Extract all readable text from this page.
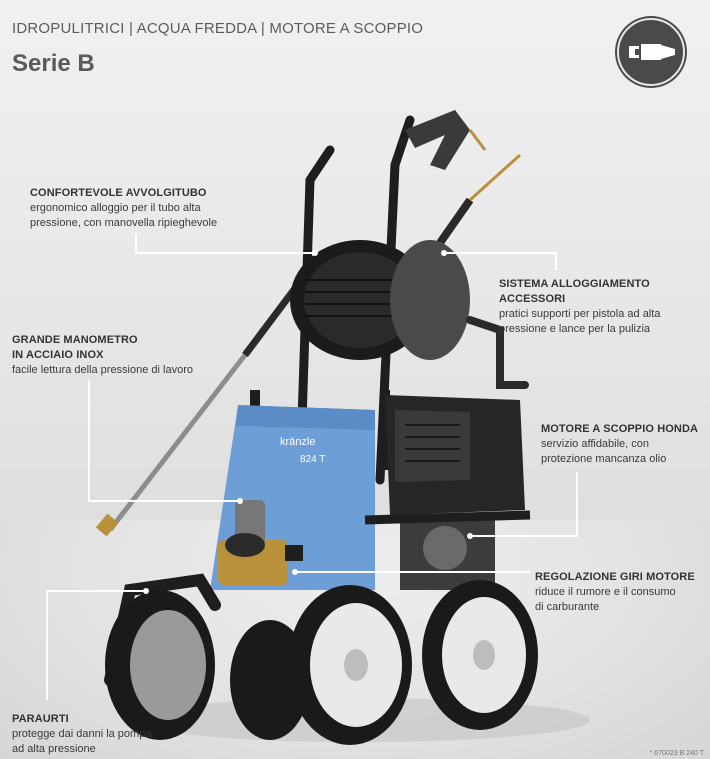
IDROPULITRICI | ACQUA FREDDA | MOTORE A SCOPPIO
Serie B
kränzle
824 T
CONFORTEVOLE AVVOLGITUBO
ergonomico alloggio per il tubo alta
pressione, con manovella ripieghevole
SISTEMA ALLOGGIAMENTO ACCESSORI
pratici supporti per pistola ad alta
pressione e lance per la pulizia
GRANDE MANOMETRO
IN ACCIAIO INOX
facile lettura della pressione di lavoro
MOTORE A SCOPPIO HONDA
servizio affidabile, con
protezione mancanza olio
REGOLAZIONE GIRI MOTORE
riduce il rumore e il consumo
di carburante
PARAURTI
protegge dai danni la pompa
ad alta pressione	* 670023 B 240 T
